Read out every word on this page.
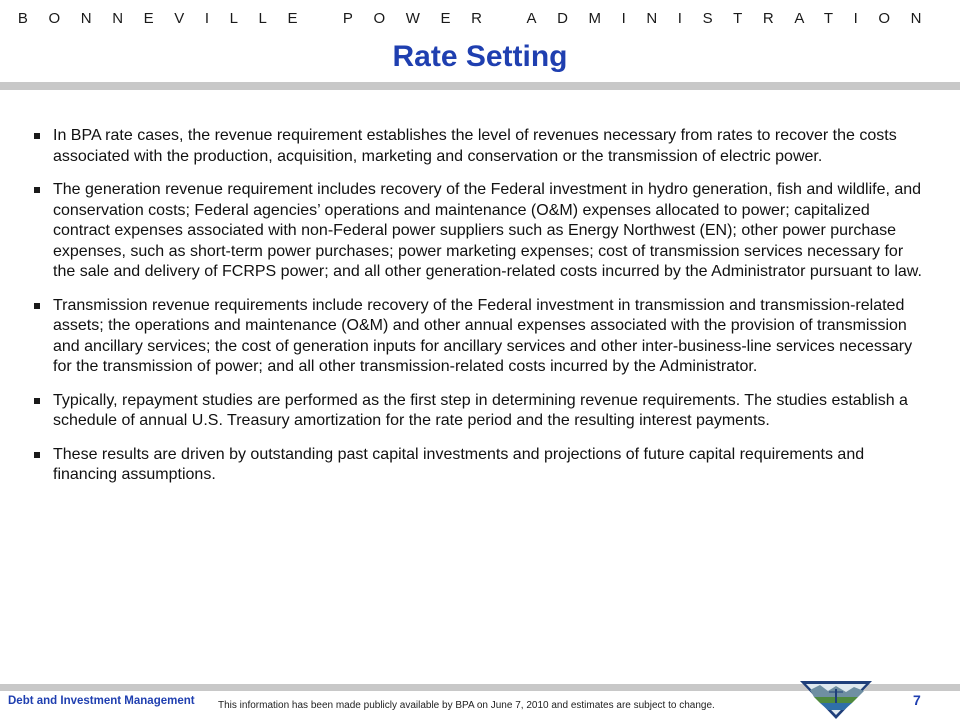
BONNEVILLE POWER ADMINISTRATION
Rate Setting
In BPA rate cases, the revenue requirement establishes the level of revenues necessary from rates to recover the costs associated with the production, acquisition, marketing and conservation or the transmission of electric power.
The generation revenue requirement includes recovery of the Federal investment in hydro generation, fish and wildlife, and conservation costs; Federal agencies’ operations and maintenance (O&M) expenses allocated to power; capitalized contract expenses associated with non-Federal power suppliers such as Energy Northwest (EN); other power purchase expenses, such as short-term power purchases; power marketing expenses; cost of transmission services necessary for the sale and delivery of FCRPS power; and all other generation-related costs incurred by the Administrator pursuant to law.
Transmission revenue requirements include recovery of the Federal investment in transmission and transmission-related assets; the operations and maintenance (O&M) and other annual expenses associated with the provision of transmission and ancillary services; the cost of generation inputs for ancillary services and other inter-business-line services necessary for the transmission of power; and all other transmission-related costs incurred by the Administrator.
Typically, repayment studies are performed as the first step in determining revenue requirements. The studies establish a schedule of annual U.S. Treasury amortization for the rate period and the resulting interest payments.
These results are driven by outstanding past capital investments and projections of future capital requirements and financing assumptions.
Debt and Investment Management This information has been made publicly available by BPA on June 7, 2010 and estimates are subject to change.	7
